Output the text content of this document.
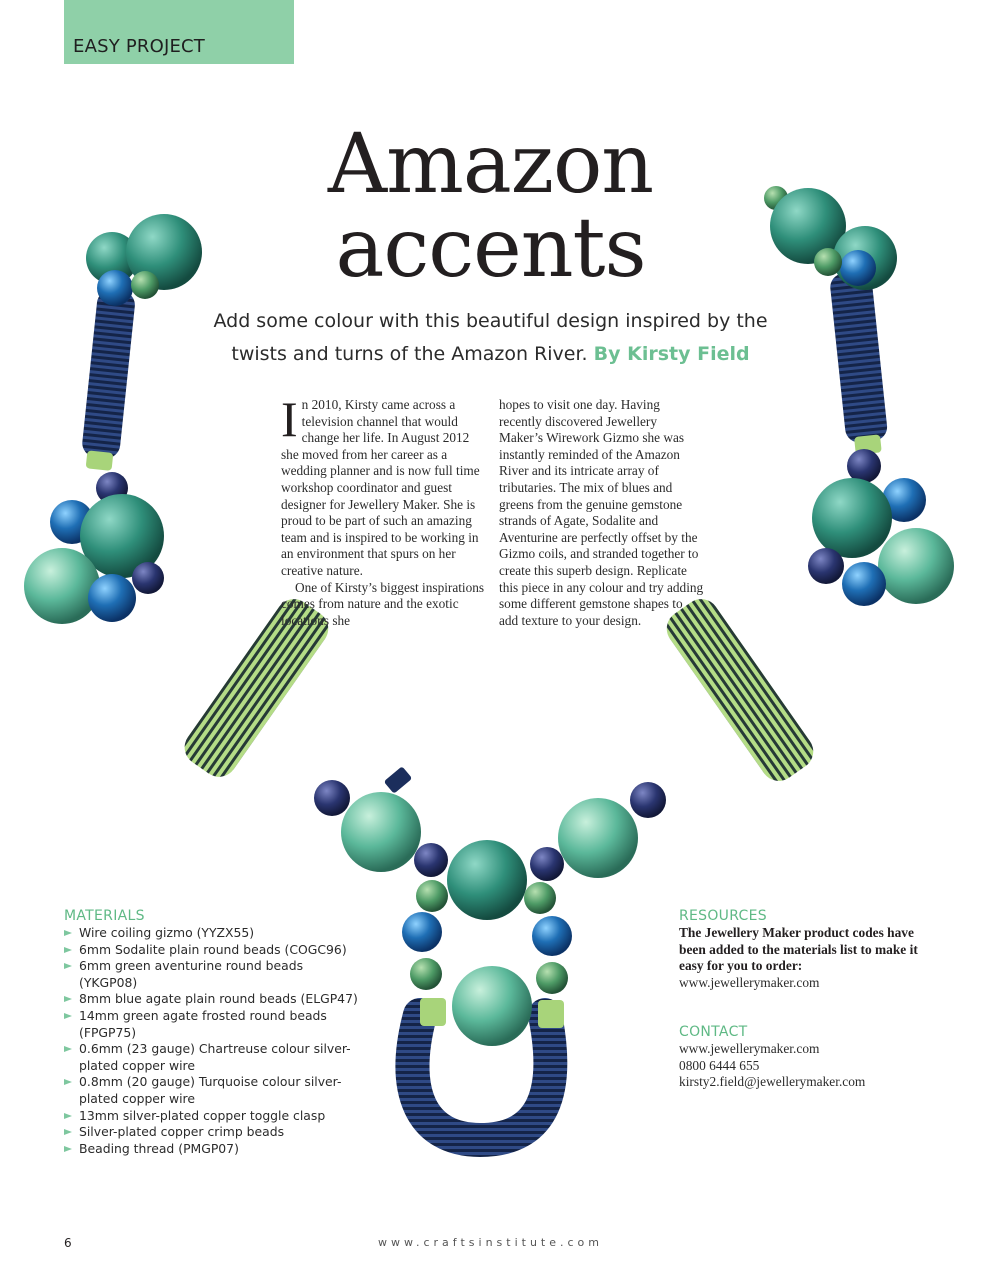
EASY PROJECT
Amazon
accents
Add some colour with this beautiful design inspired by the
twists and turns of the Amazon River. By Kirsty Field

In 2010, Kirsty came across a television channel that would change her life. In August 2012 she moved from her career as a wedding planner and is now full time workshop coordinator and guest designer for Jewellery Maker. She is proud to be part of such an amazing team and is inspired to be working in an environment that spurs on her creative nature.

One of Kirsty’s biggest inspirations comes from nature and the exotic locations she

hopes to visit one day. Having recently discovered Jewellery Maker’s Wirework Gizmo she was instantly reminded of the Amazon River and its intricate array of tributaries. The mix of blues and greens from the genuine gemstone strands of Agate, Sodalite and Aventurine are perfectly offset by the Gizmo coils, and stranded together to create this superb design. Replicate this piece in any colour and try adding some different gemstone shapes to add texture to your design.

MATERIALS
Wire coiling gizmo (YYZX55)
6mm Sodalite plain round beads (COGC96)
6mm green aventurine round beads (YKGP08)
8mm blue agate plain round beads (ELGP47)
14mm green agate frosted round beads (FPGP75)
0.6mm (23 gauge) Chartreuse colour silver-plated copper wire
0.8mm (20 gauge) Turquoise colour silver-plated copper wire
13mm silver-plated copper toggle clasp
Silver-plated copper crimp beads
Beading thread (PMGP07)
RESOURCES
The Jewellery Maker product codes have been added to the materials list to make it easy for you to order:
www.jewellerymaker.com
CONTACT
www.jewellerymaker.com
0800 6444 655
kirsty2.field@jewellerymaker.com
6	www.craftsinstitute.com
